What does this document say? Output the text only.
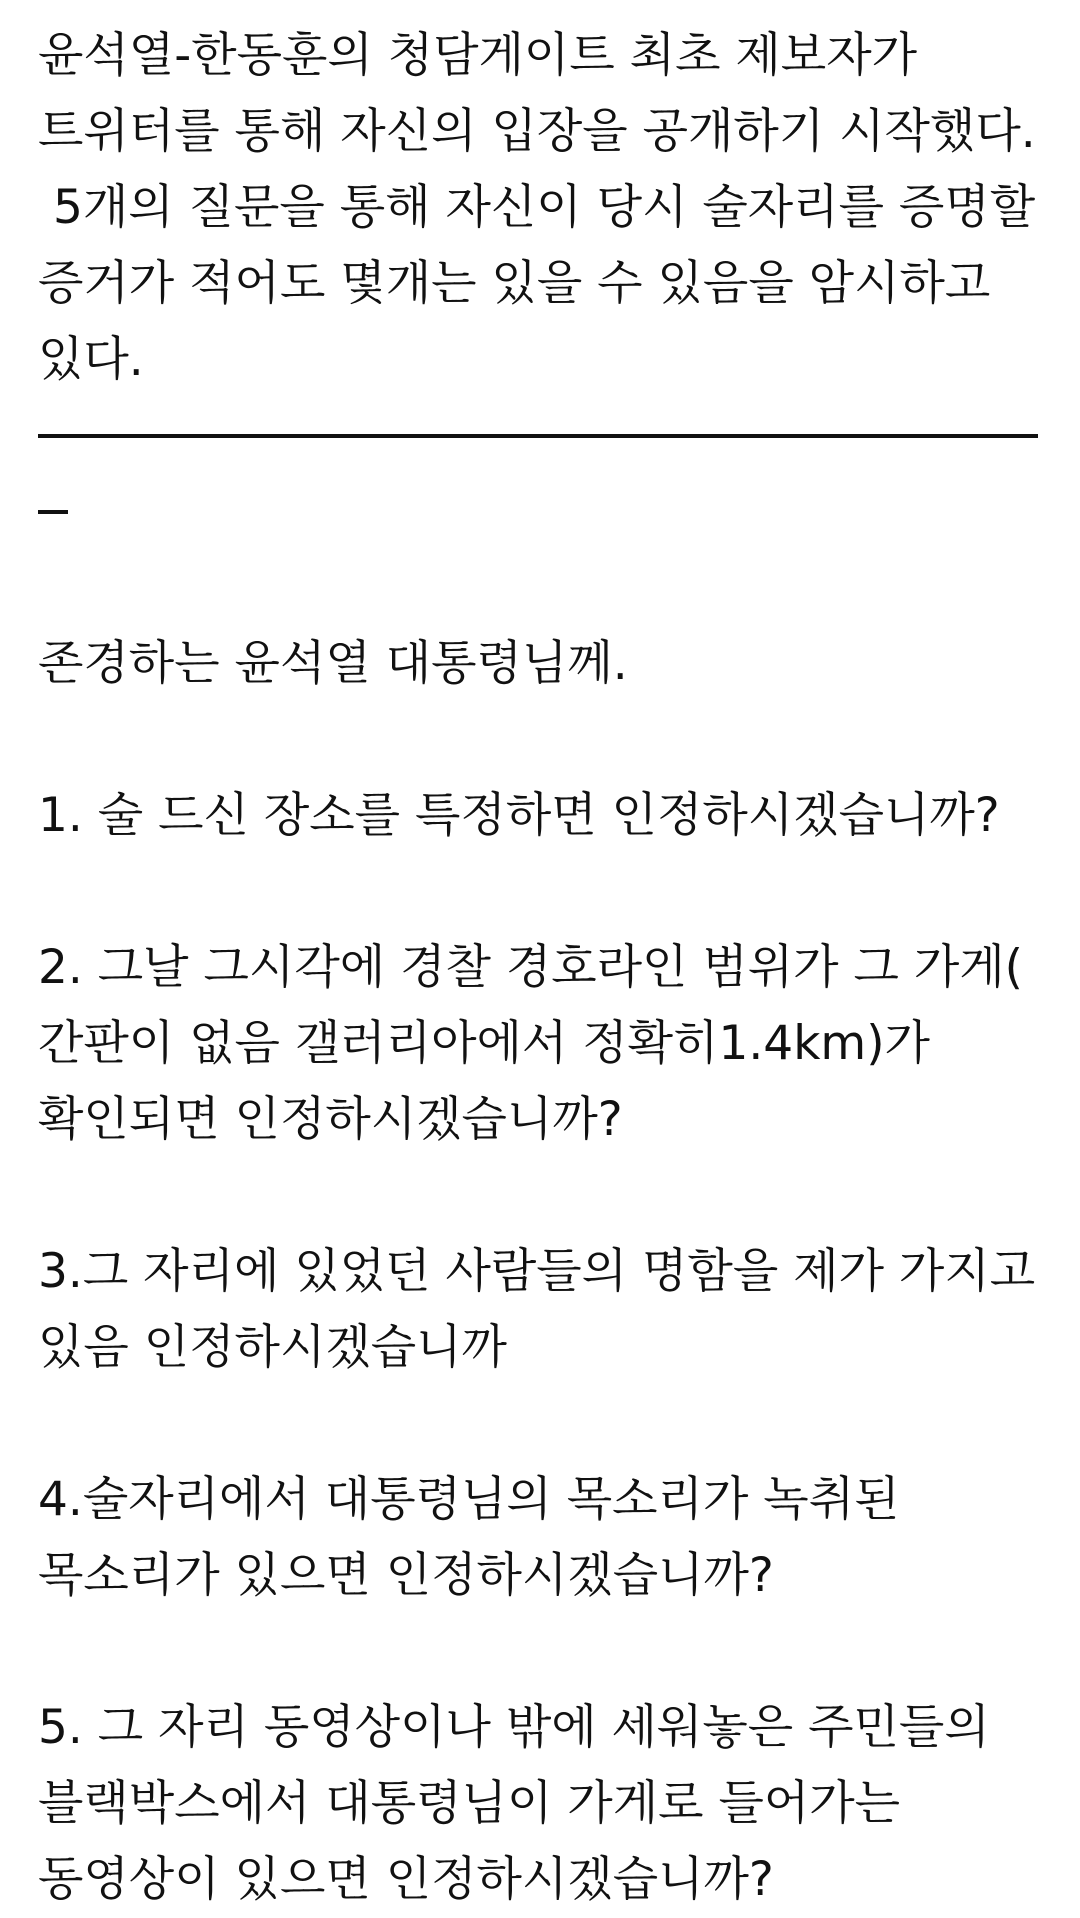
윤석열-한동훈의 청담게이트 최초 제보자가
트위터를 통해 자신의 입장을 공개하기 시작했다.
5개의 질문을 통해 자신이 당시 술자리를 증명할
증거가 적어도 몇개는 있을 수 있음을 암시하고
있다.
존경하는 윤석열 대통령님께.
1. 술 드신 장소를 특정하면 인정하시겠습니까?
2. 그날 그시각에 경찰 경호라인 범위가 그 가게(
간판이 없음 갤러리아에서 정확히1.4km)가
확인되면 인정하시겠습니까?
3.그 자리에 있었던 사람들의 명함을 제가 가지고
있음 인정하시겠습니까
4.술자리에서 대통령님의 목소리가 녹취된
목소리가 있으면 인정하시겠습니까?
5. 그 자리 동영상이나 밖에 세워놓은 주민들의
블랙박스에서 대통령님이 가게로 들어가는
동영상이 있으면 인정하시겠습니까?
